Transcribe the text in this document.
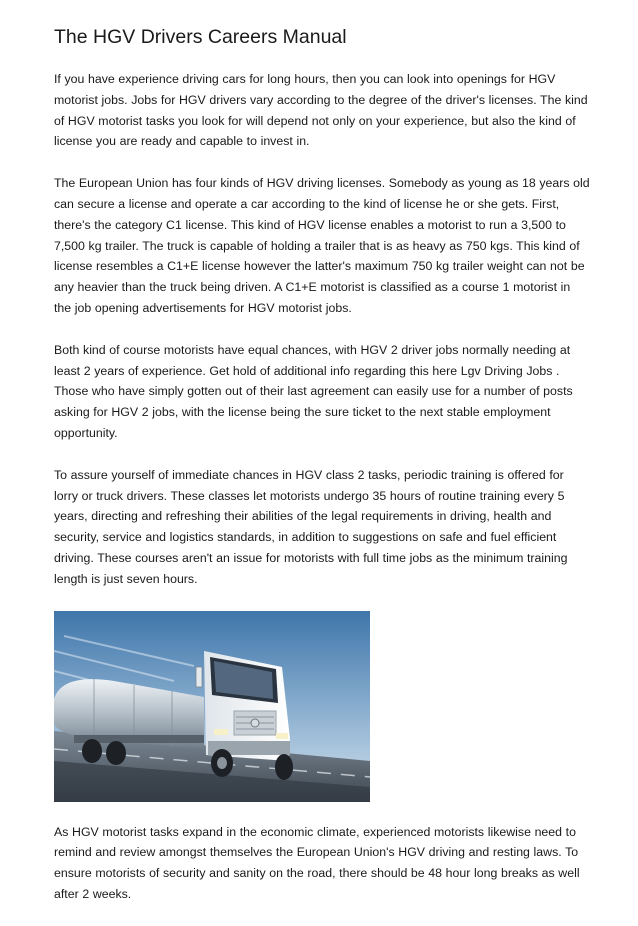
The HGV Drivers Careers Manual

If you have experience driving cars for long hours, then you can look into openings for HGV motorist jobs. Jobs for HGV drivers vary according to the degree of the driver's licenses. The kind of HGV motorist tasks you look for will depend not only on your experience, but also the kind of license you are ready and capable to invest in.

The European Union has four kinds of HGV driving licenses. Somebody as young as 18 years old can secure a license and operate a car according to the kind of license he or she gets. First, there's the category C1 license. This kind of HGV license enables a motorist to run a 3,500 to 7,500 kg trailer. The truck is capable of holding a trailer that is as heavy as 750 kgs. This kind of license resembles a C1+E license however the latter's maximum 750 kg trailer weight can not be any heavier than the truck being driven. A C1+E motorist is classified as a course 1 motorist in the job opening advertisements for HGV motorist jobs.

Both kind of course motorists have equal chances, with HGV 2 driver jobs normally needing at least 2 years of experience. Get hold of additional info regarding this here Lgv Driving Jobs . Those who have simply gotten out of their last agreement can easily use for a number of posts asking for HGV 2 jobs, with the license being the sure ticket to the next stable employment opportunity.

To assure yourself of immediate chances in HGV class 2 tasks, periodic training is offered for lorry or truck drivers. These classes let motorists undergo 35 hours of routine training every 5 years, directing and refreshing their abilities of the legal requirements in driving, health and security, service and logistics standards, in addition to suggestions on safe and fuel efficient driving. These courses aren't an issue for motorists with full time jobs as the minimum training length is just seven hours.

As HGV motorist tasks expand in the economic climate, experienced motorists likewise need to remind and review amongst themselves the European Union's HGV driving and resting laws. To ensure motorists of security and sanity on the road, there should be 48 hour long breaks as well after 2 weeks.
